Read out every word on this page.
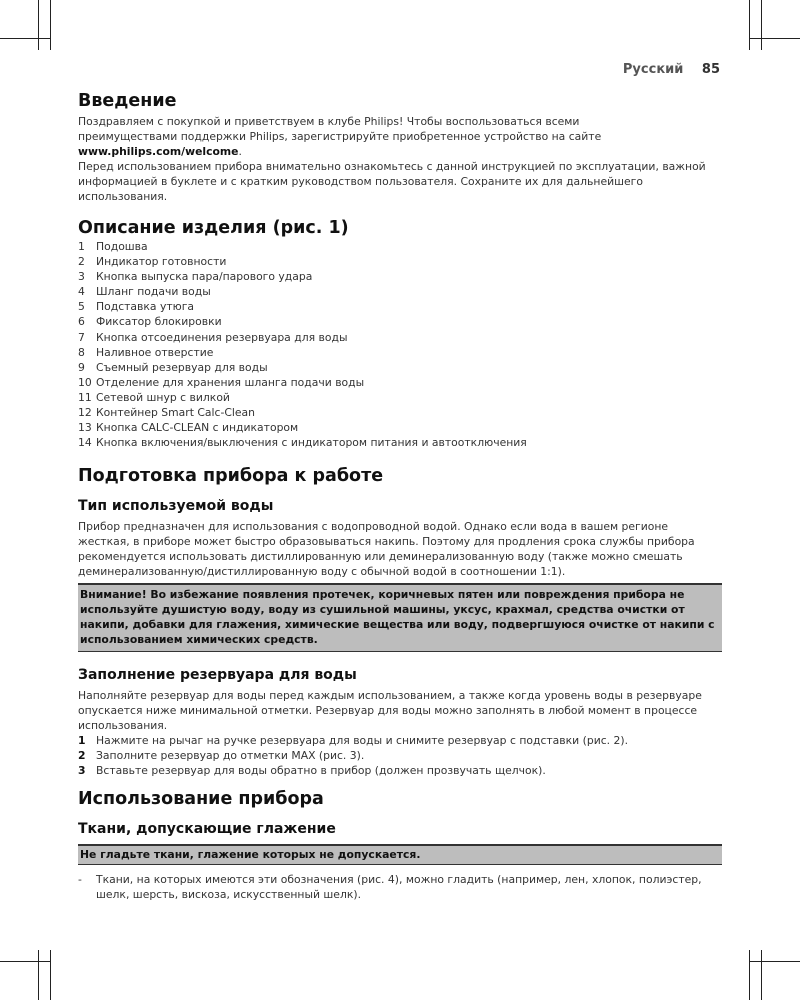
Русский 85
Введение

Поздравляем с покупкой и приветствуем в клубе Philips! Чтобы воспользоваться всеми
преимуществами поддержки Philips, зарегистрируйте приобретенное устройство на сайте
www.philips.com/welcome.

Перед использованием прибора внимательно ознакомьтесь с данной инструкцией по эксплуатации, важной информацией в буклете и с кратким руководством пользователя. Сохраните их для дальнейшего использования.

Описание изделия (рис. 1)
1	Подошва
2	Индикатор готовности
3	Кнопка выпуска пара/парового удара
4	Шланг подачи воды
5	Подставка утюга
6	Фиксатор блокировки
7	Кнопка отсоединения резервуара для воды
8	Наливное отверстие
9	Съемный резервуар для воды
10 Отделение для хранения шланга подачи воды
11 Сетевой шнур с вилкой
12 Контейнер Smart Calc-Clean
13 Кнопка CALC-CLEAN с индикатором
14 Кнопка включения/выключения с индикатором питания и автоотключения
Подготовка прибора к работе
Тип используемой воды

Прибор предназначен для использования с водопроводной водой. Однако если вода в вашем регионе жесткая, в приборе может быстро образовываться накипь. Поэтому для продления срока службы прибора рекомендуется использовать дистиллированную или деминерализованную воду (также можно смешать деминерализованную/дистиллированную воду с обычной водой в соотношении 1:1).

Внимание! Во избежание появления протечек, коричневых пятен или повреждения прибора не используйте душистую воду, воду из сушильной машины, уксус, крахмал, средства очистки от накипи, добавки для глажения, химические вещества или воду, подвергшуюся очистке от накипи с использованием химических средств.
Заполнение резервуара для воды

Наполняйте резервуар для воды перед каждым использованием, а также когда уровень воды в резервуаре опускается ниже минимальной отметки. Резервуар для воды можно заполнять в любой момент в процессе использования.

1 Нажмите на рычаг на ручке резервуара для воды и снимите резервуар с подставки (рис. 2).
2 Заполните резервуар до отметки MAX (рис. 3).
3 Вставьте резервуар для воды обратно в прибор (должен прозвучать щелчок).
Использование прибора
Ткани, допускающие глажение
Не гладьте ткани, глажение которых не допускается.
-	Ткани, на которых имеются эти обозначения (рис. 4), можно гладить (например, лен, хлопок, полиэстер, шелк, шерсть, вискоза, искусственный шелк).
